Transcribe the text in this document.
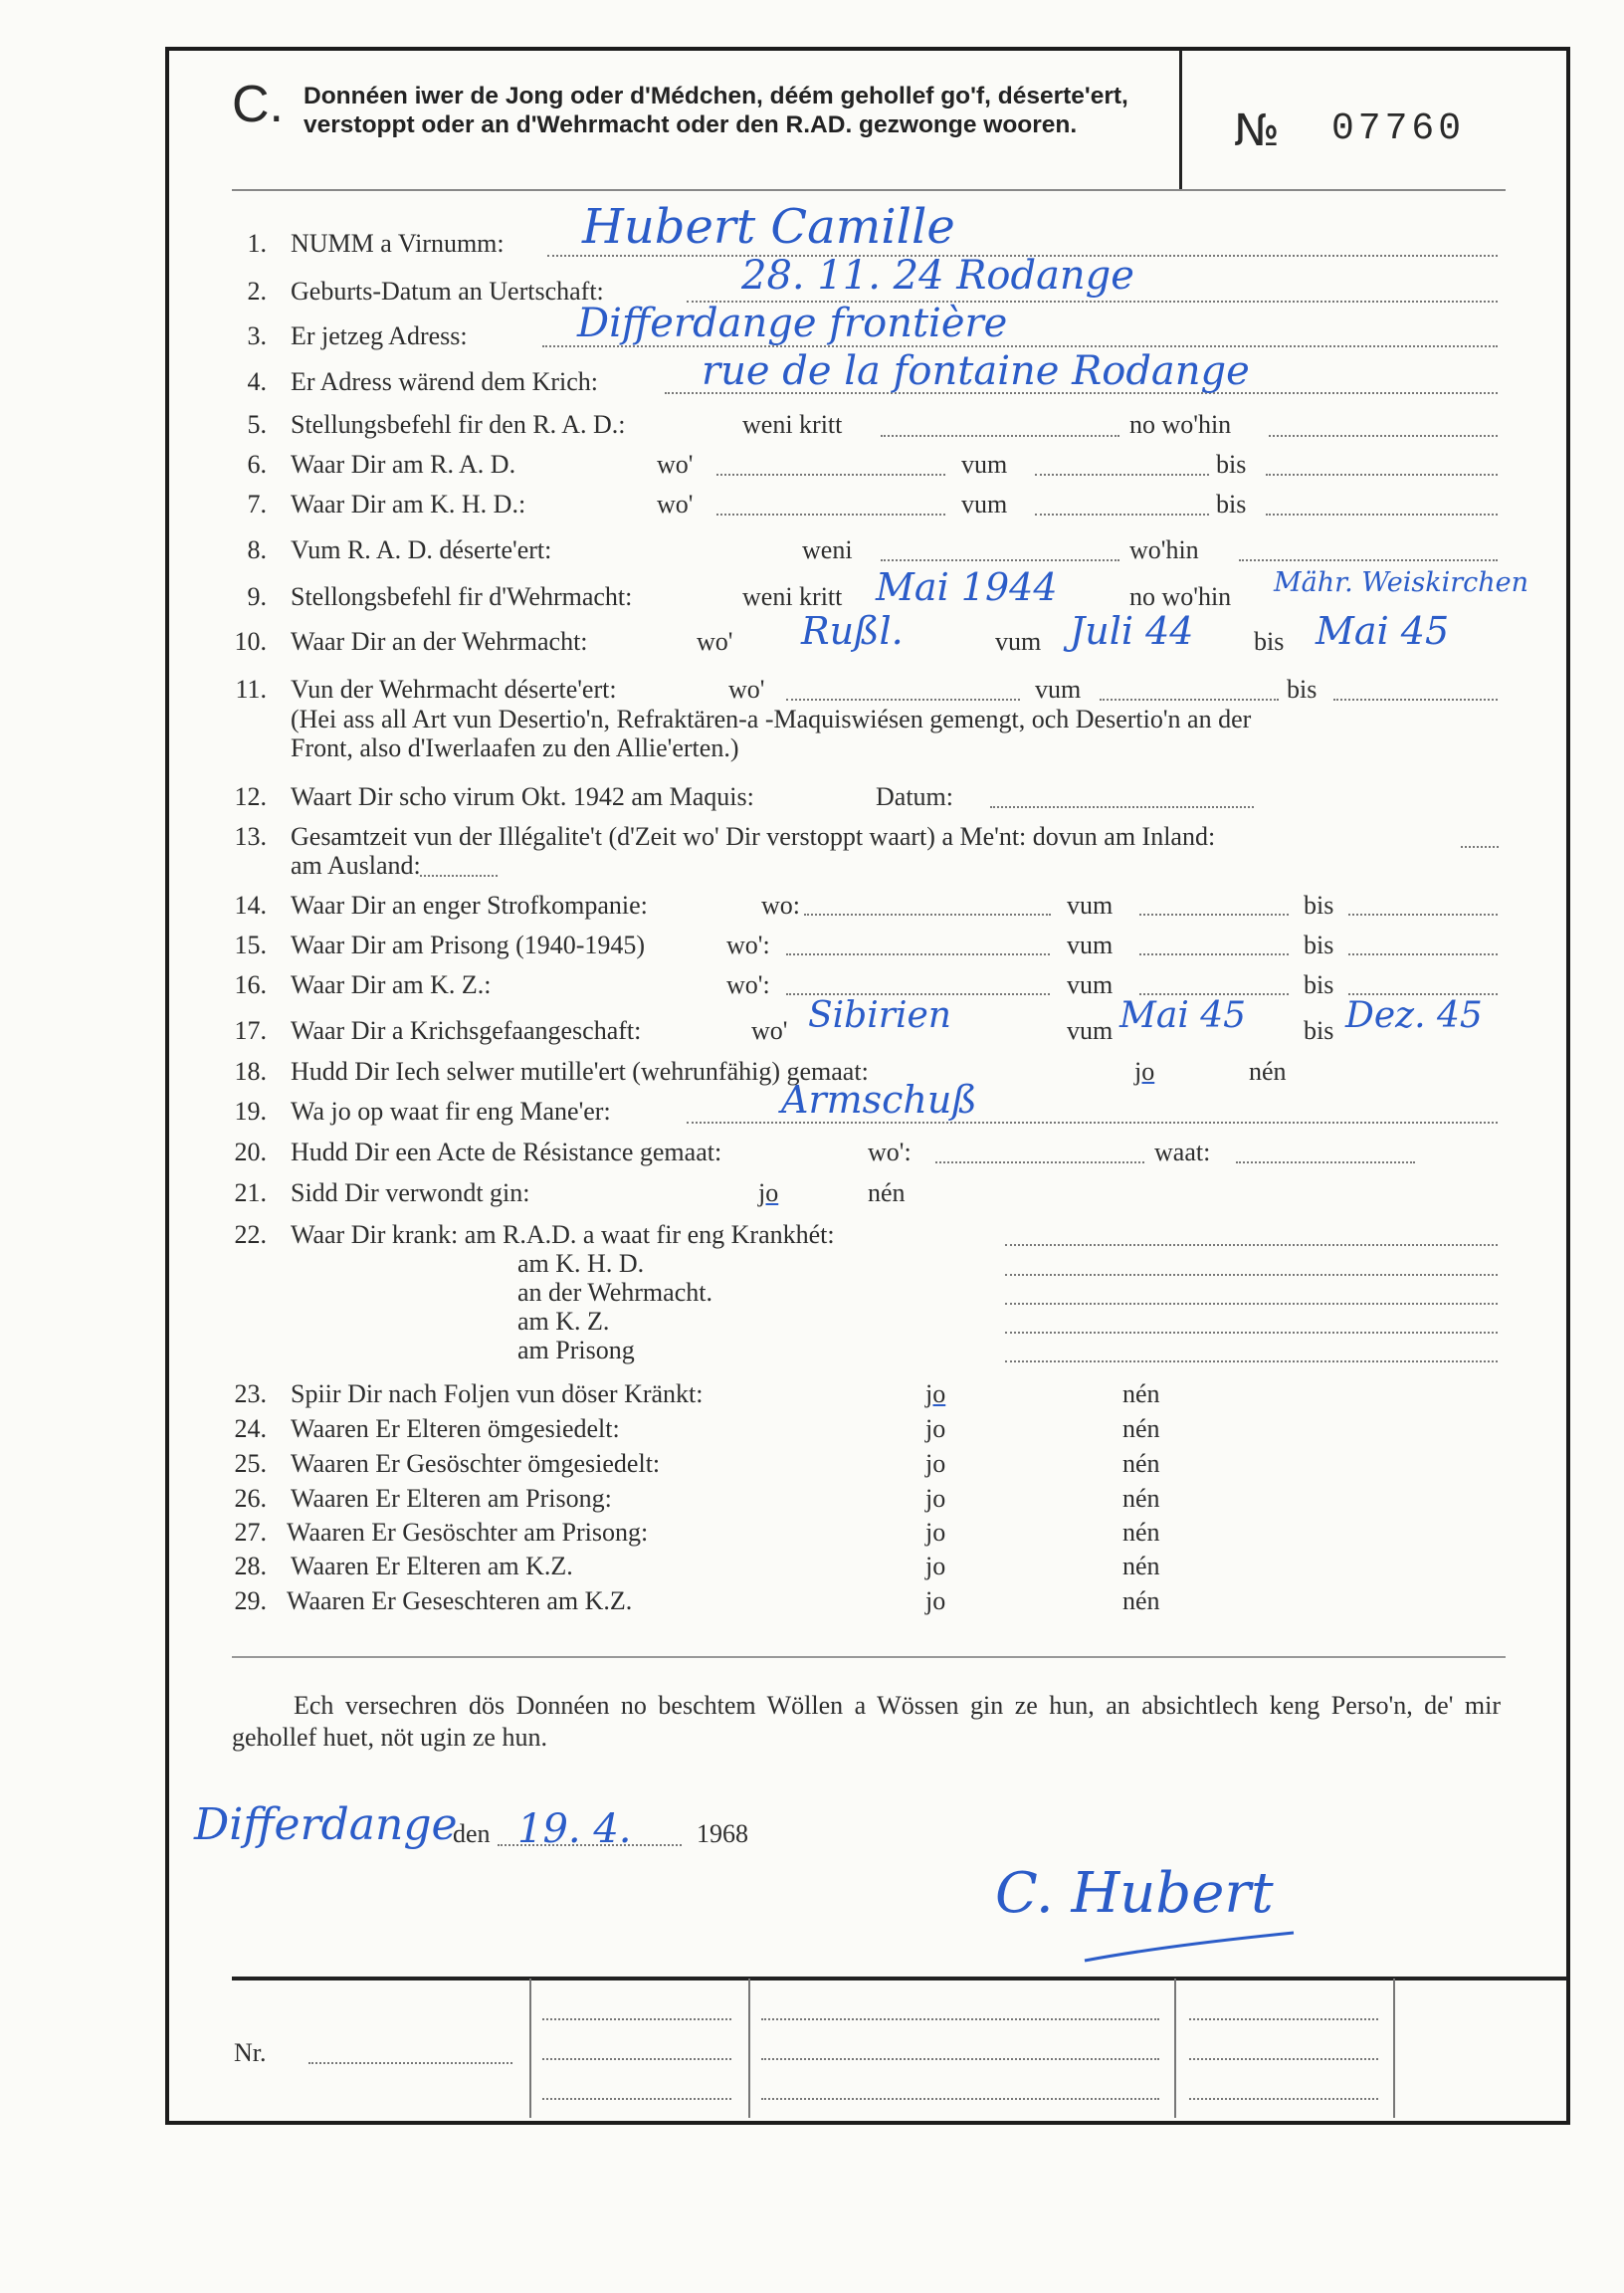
C. Donnéen iwer de Jong oder d'Médchen, déém gehollef go'f, déserte'ert, verstoppt oder an d'Wehrmacht oder den R.AD. gezwonge wooren.	№ 07760
1. NUMM a Virnumm: Hubert Camille
2. Geburts-Datum an Uertschaft:	28. 11. 24 Rodange
3. Er jetzeg Adress:	Differdange frontière
4. Er Adress wärend dem Krich:	rue de la fontaine Rodange
5. Stellungsbefehl fir den R. A. D.:	weni kritt	no wo'hin
6. Waar Dir am R. A. D.	wo'	vum	bis
7. Waar Dir am K. H. D.:	wo'	vum	bis
8. Vum R. A. D. déserte'ert:	weni	wo'hin
9. Stellongsbefehl fir d'Wehrmacht:	weni kritt Mai 1944	no wo'hin Mähr. Weiskirchen
10. Waar Dir an der Wehrmacht:	wo' Rußl.	vum Juli 44 bis Mai 45
11. Vun der Wehrmacht déserte'ert:	wo'	vum	bis
(Hei ass all Art vun Desertio'n, Refraktären-a -Maquiswiésen gemengt, och Desertio'n an der
Front, also d'Iwerlaafen zu den Allie'erten.)
12. Waart Dir scho virum Okt. 1942 am Maquis:	Datum:
13. Gesamtzeit vun der Illégalite't (d'Zeit wo' Dir verstoppt waart) a Me'nt: dovun am Inland:
am Ausland:
14. Waar Dir an enger Strofkompanie:	wo:	vum	bis
15. Waar Dir am Prisong (1940-1945)	wo':	vum	bis
16. Waar Dir am K. Z.:	wo':	vum	bis
17. Waar Dir a Krichsgefaangeschaft:	wo' Sibirien	vum Mai 45 bis Dez. 45
18. Hudd Dir Iech selwer mutille'ert (wehrunfähig) gemaat:	jo	nén
19. Wa jo op waat fir eng Mane'er:	Armschuß
20. Hudd Dir een Acte de Résistance gemaat:	wo':	waat:
21. Sidd Dir verwondt gin:	jo	nén
22. Waar Dir krank: am R.A.D. a waat fir eng Krankhét:
am K. H. D.
an der Wehrmacht.
am K. Z.
am Prisong
23. Spiir Dir nach Foljen vun döser Kränkt:	jo	nén
24. Waaren Er Elteren ömgesiedelt:	jo	nén
25. Waaren Er Gesöschter ömgesiedelt:	jo	nén
26. Waaren Er Elteren am Prisong:	jo	nén
27. Waaren Er Gesöschter am Prisong:	jo	nén
28. Waaren Er Elteren am K.Z.	jo	nén
29. Waaren Er Geseschteren am K.Z.	jo	nén
Ech versechren dös Donnéen no beschtem Wöllen a Wössen gin ze hun, an absichtlech keng Perso'n, de' mir gehollef huet, nöt ugin ze hun.
Differdange
den 19. 4.	1968
C. Hubert
Nr.
